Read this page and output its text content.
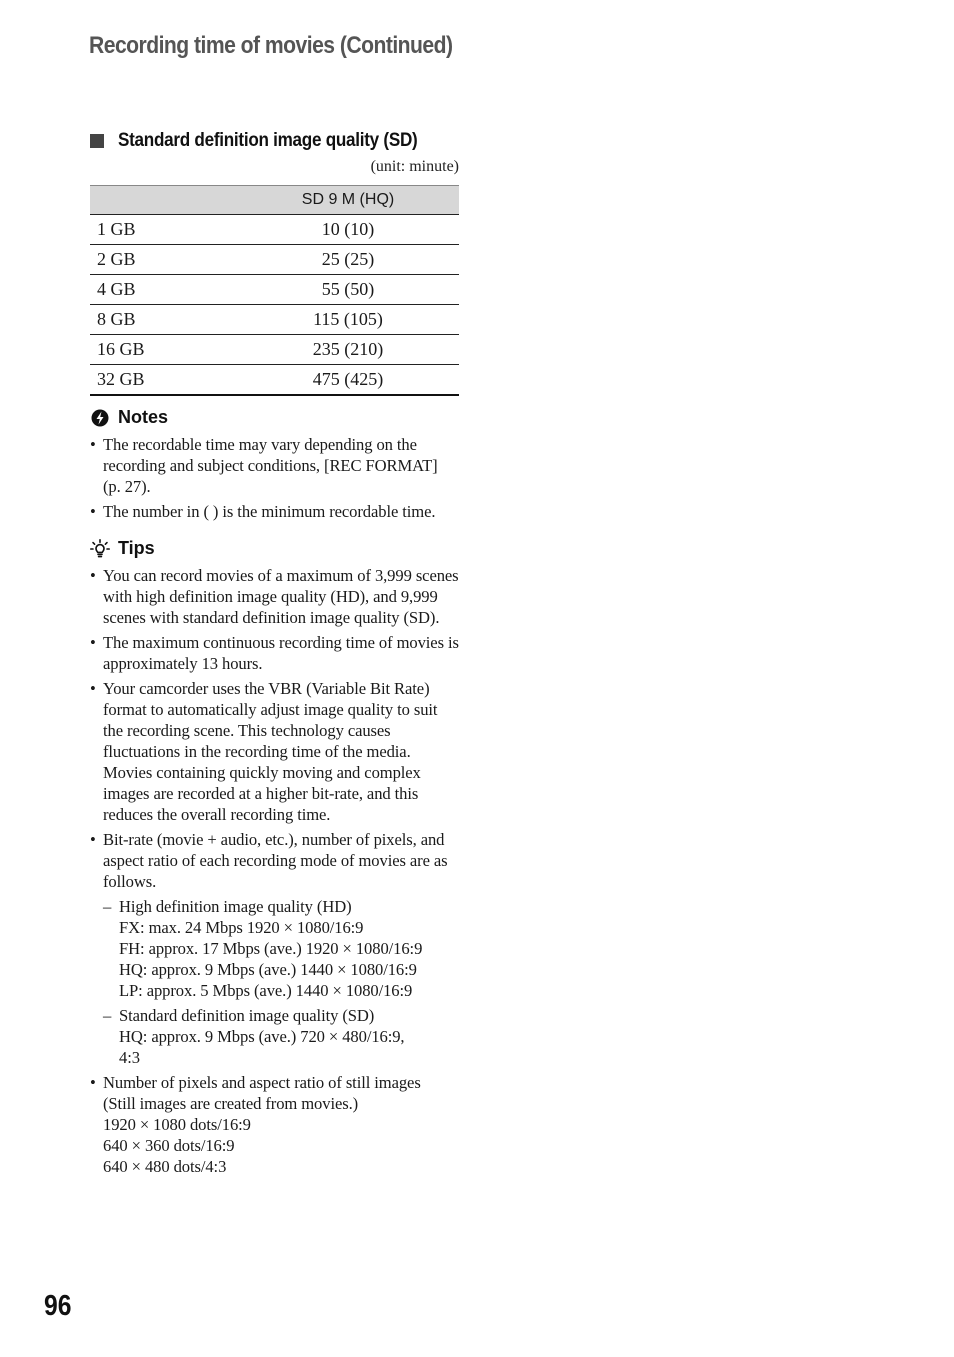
Recording time of movies (Continued)
Standard definition image quality (SD)
(unit: minute)
	SD 9 M (HQ)
1 GB	10 (10)
2 GB	25 (25)
4 GB	55 (50)
8 GB	115 (105)
16 GB	235 (210)
32 GB	475 (425)
Notes
• The recordable time may vary depending on the recording and subject conditions, [REC FORMAT] (p. 27).
• The number in ( ) is the minimum recordable time.
Tips
• You can record movies of a maximum of 3,999 scenes with high definition image quality (HD), and 9,999 scenes with standard definition image quality (SD).
• The maximum continuous recording time of movies is approximately 13 hours.
• Your camcorder uses the VBR (Variable Bit Rate) format to automatically adjust image quality to suit the recording scene. This technology causes fluctuations in the recording time of the media. Movies containing quickly moving and complex images are recorded at a higher bit-rate, and this reduces the overall recording time.
• Bit-rate (movie + audio, etc.), number of pixels, and aspect ratio of each recording mode of movies are as follows.
– High definition image quality (HD)
FX: max. 24 Mbps 1920 × 1080/16:9
FH: approx. 17 Mbps (ave.) 1920 × 1080/16:9
HQ: approx. 9 Mbps (ave.) 1440 × 1080/16:9
LP: approx. 5 Mbps (ave.) 1440 × 1080/16:9
– Standard definition image quality (SD)
HQ: approx. 9 Mbps (ave.) 720 × 480/16:9,
4:3
• Number of pixels and aspect ratio of still images
(Still images are created from movies.)
1920 × 1080 dots/16:9
640 × 360 dots/16:9
640 × 480 dots/4:3
96
